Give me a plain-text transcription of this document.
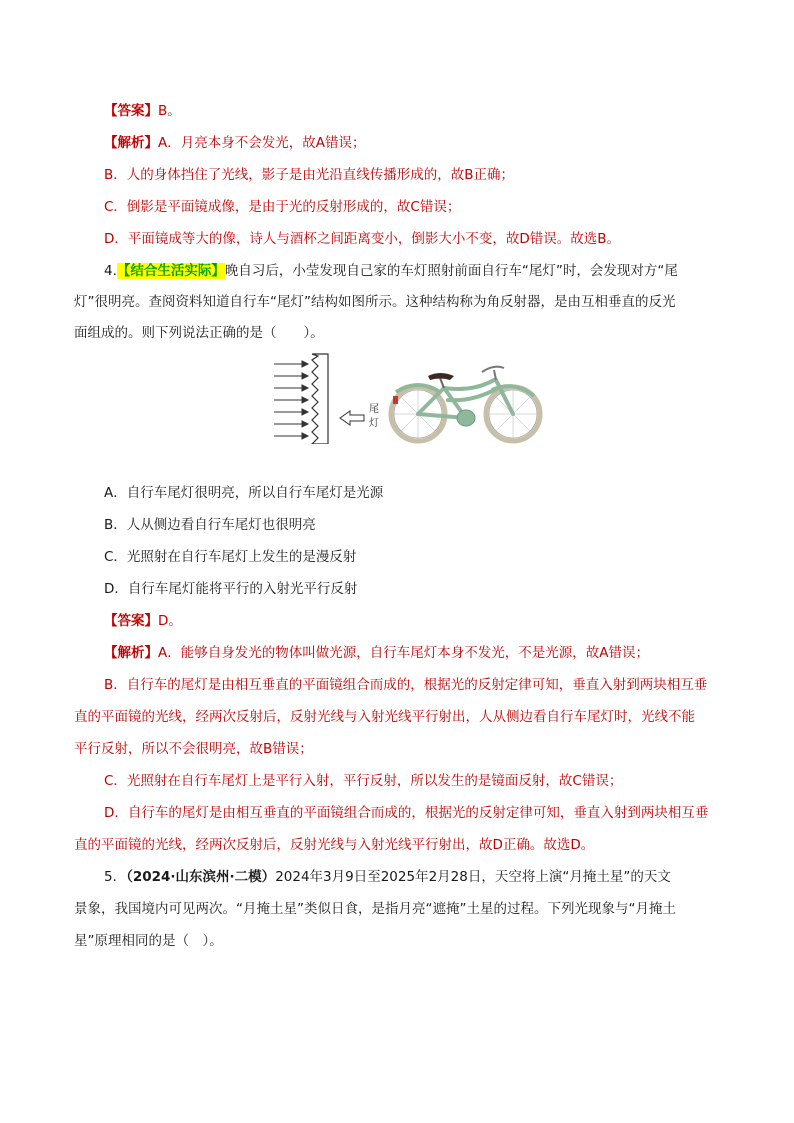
【答案】B。
【解析】A．月亮本身不会发光，故A错误；
B．人的身体挡住了光线，影子是由光沿直线传播形成的，故B正确；
C．倒影是平面镜成像，是由于光的反射形成的，故C错误；
D．平面镜成等大的像，诗人与酒杯之间距离变小，倒影大小不变，故D错误。故选B。
4.【结合生活实际】晚自习后，小莹发现自己家的车灯照射前面自行车“尾灯”时，会发现对方“尾
灯”很明亮。查阅资料知道自行车“尾灯”结构如图所示。这种结构称为角反射器，是由互相垂直的反光
面组成的。则下列说法正确的是（　　）。
尾
灯
A．自行车尾灯很明亮，所以自行车尾灯是光源
B．人从侧边看自行车尾灯也很明亮
C．光照射在自行车尾灯上发生的是漫反射
D．自行车尾灯能将平行的入射光平行反射
【答案】D。
【解析】A．能够自身发光的物体叫做光源，自行车尾灯本身不发光，不是光源，故A错误；
B．自行车的尾灯是由相互垂直的平面镜组合而成的，根据光的反射定律可知，垂直入射到两块相互垂
直的平面镜的光线，经两次反射后，反射光线与入射光线平行射出，人从侧边看自行车尾灯时，光线不能
平行反射，所以不会很明亮，故B错误；
C．光照射在自行车尾灯上是平行入射，平行反射，所以发生的是镜面反射，故C错误；
D．自行车的尾灯是由相互垂直的平面镜组合而成的，根据光的反射定律可知，垂直入射到两块相互垂
直的平面镜的光线，经两次反射后，反射光线与入射光线平行射出，故D正确。故选D。
5．（2024·山东滨州·二模）2024年3月9日至2025年2月28日，天空将上演“月掩土星”的天文
景象，我国境内可见两次。“月掩土星”类似日食，是指月亮“遮掩”土星的过程。下列光现象与“月掩土
星”原理相同的是（　）。
